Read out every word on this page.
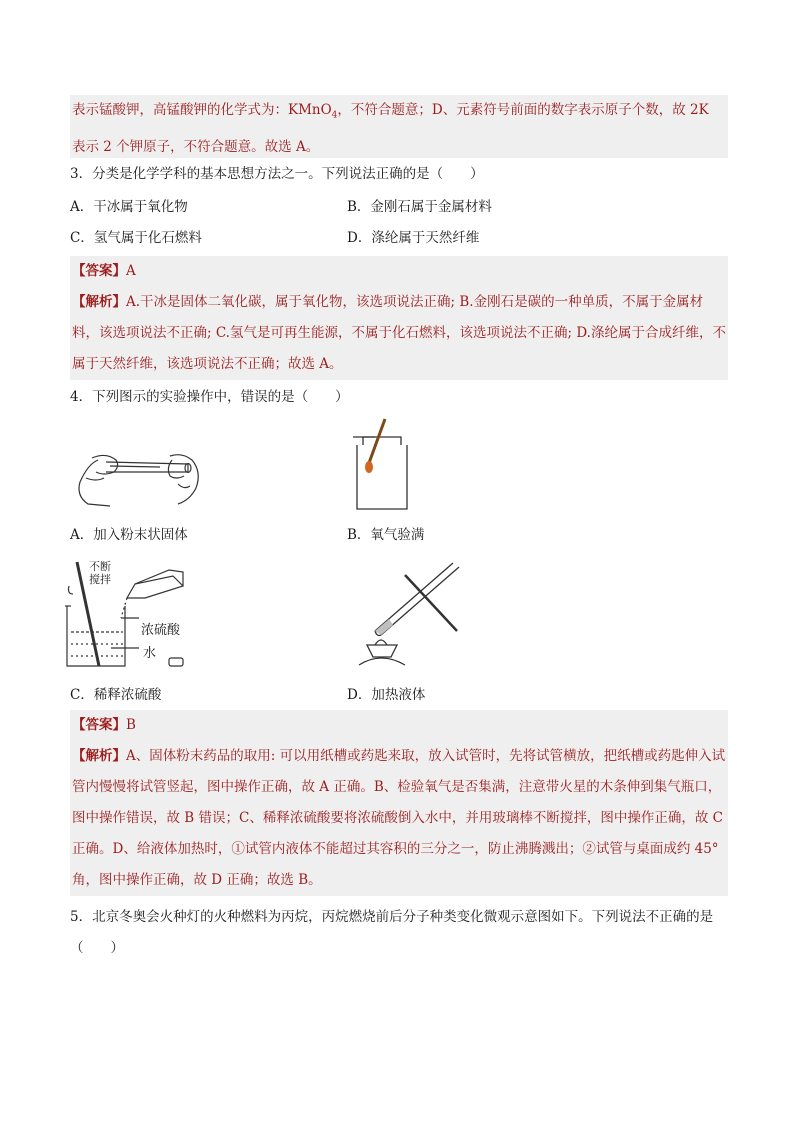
表示锰酸钾，高锰酸钾的化学式为：KMnO$_4$，不符合题意；D、元素符号前面的数字表示原子个数，故 2K
表示 2 个钾原子，不符合题意。故选 A。
3．分类是化学学科的基本思想方法之一。下列说法正确的是（　　）
A．干冰属于氧化物	B．金刚石属于金属材料
C．氢气属于化石燃料	D．涤纶属于天然纤维
【答案】A
【解析】A.干冰是固体二氧化碳，属于氧化物，该选项说法正确; B.金刚石是碳的一种单质，不属于金属材料，该选项说法不正确; C.氢气是可再生能源，不属于化石燃料，该选项说法不正确; D.涤纶属于合成纤维，不属于天然纤维，该选项说法不正确；故选 A。
4．下列图示的实验操作中，错误的是（　　）
A．加入粉末状固体	B．氧气验满
不断
搅拌
浓硫酸
水
C．稀释浓硫酸	D．加热液体
【答案】B
【解析】A、固体粉末药品的取用: 可以用纸槽或药匙来取，放入试管时，先将试管横放，把纸槽或药匙伸入试管内慢慢将试管竖起，图中操作正确，故 A 正确。B、检验氧气是否集满，注意带火星的木条伸到集气瓶口，图中操作错误，故 B 错误；C、稀释浓硫酸要将浓硫酸倒入水中，并用玻璃棒不断搅拌，图中操作正确，故 C 正确。D、给液体加热时，①试管内液体不能超过其容积的三分之一，防止沸腾溅出；②试管与桌面成约 45°角，图中操作正确，故 D 正确；故选 B。
5．北京冬奥会火种灯的火种燃料为丙烷，丙烷燃烧前后分子种类变化微观示意图如下。下列说法不正确的是（　　）
